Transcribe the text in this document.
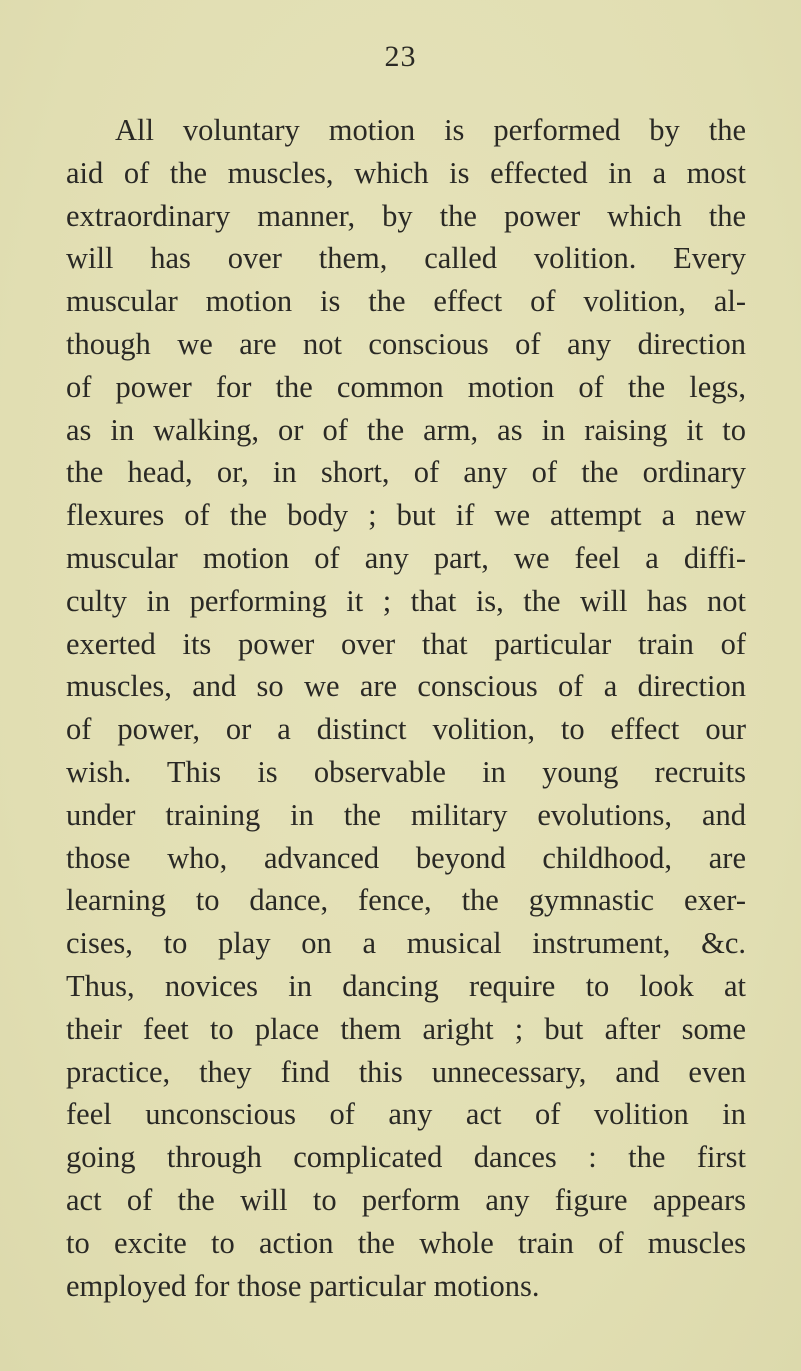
23
All voluntary motion is performed by the
aid of the muscles, which is effected in a most
extraordinary manner, by the power which the
will has over them, called volition. Every
muscular motion is the effect of volition, al-
though we are not conscious of any direction
of power for the common motion of the legs,
as in walking, or of the arm, as in raising it to
the head, or, in short, of any of the ordinary
flexures of the body ; but if we attempt a new
muscular motion of any part, we feel a diffi-
culty in performing it ; that is, the will has not
exerted its power over that particular train of
muscles, and so we are conscious of a direction
of power, or a distinct volition, to effect our
wish. This is observable in young recruits
under training in the military evolutions, and
those who, advanced beyond childhood, are
learning to dance, fence, the gymnastic exer-
cises, to play on a musical instrument, &c.
Thus, novices in dancing require to look at
their feet to place them aright ; but after some
practice, they find this unnecessary, and even
feel unconscious of any act of volition in
going through complicated dances : the first
act of the will to perform any figure appears
to excite to action the whole train of muscles
employed for those particular motions.
